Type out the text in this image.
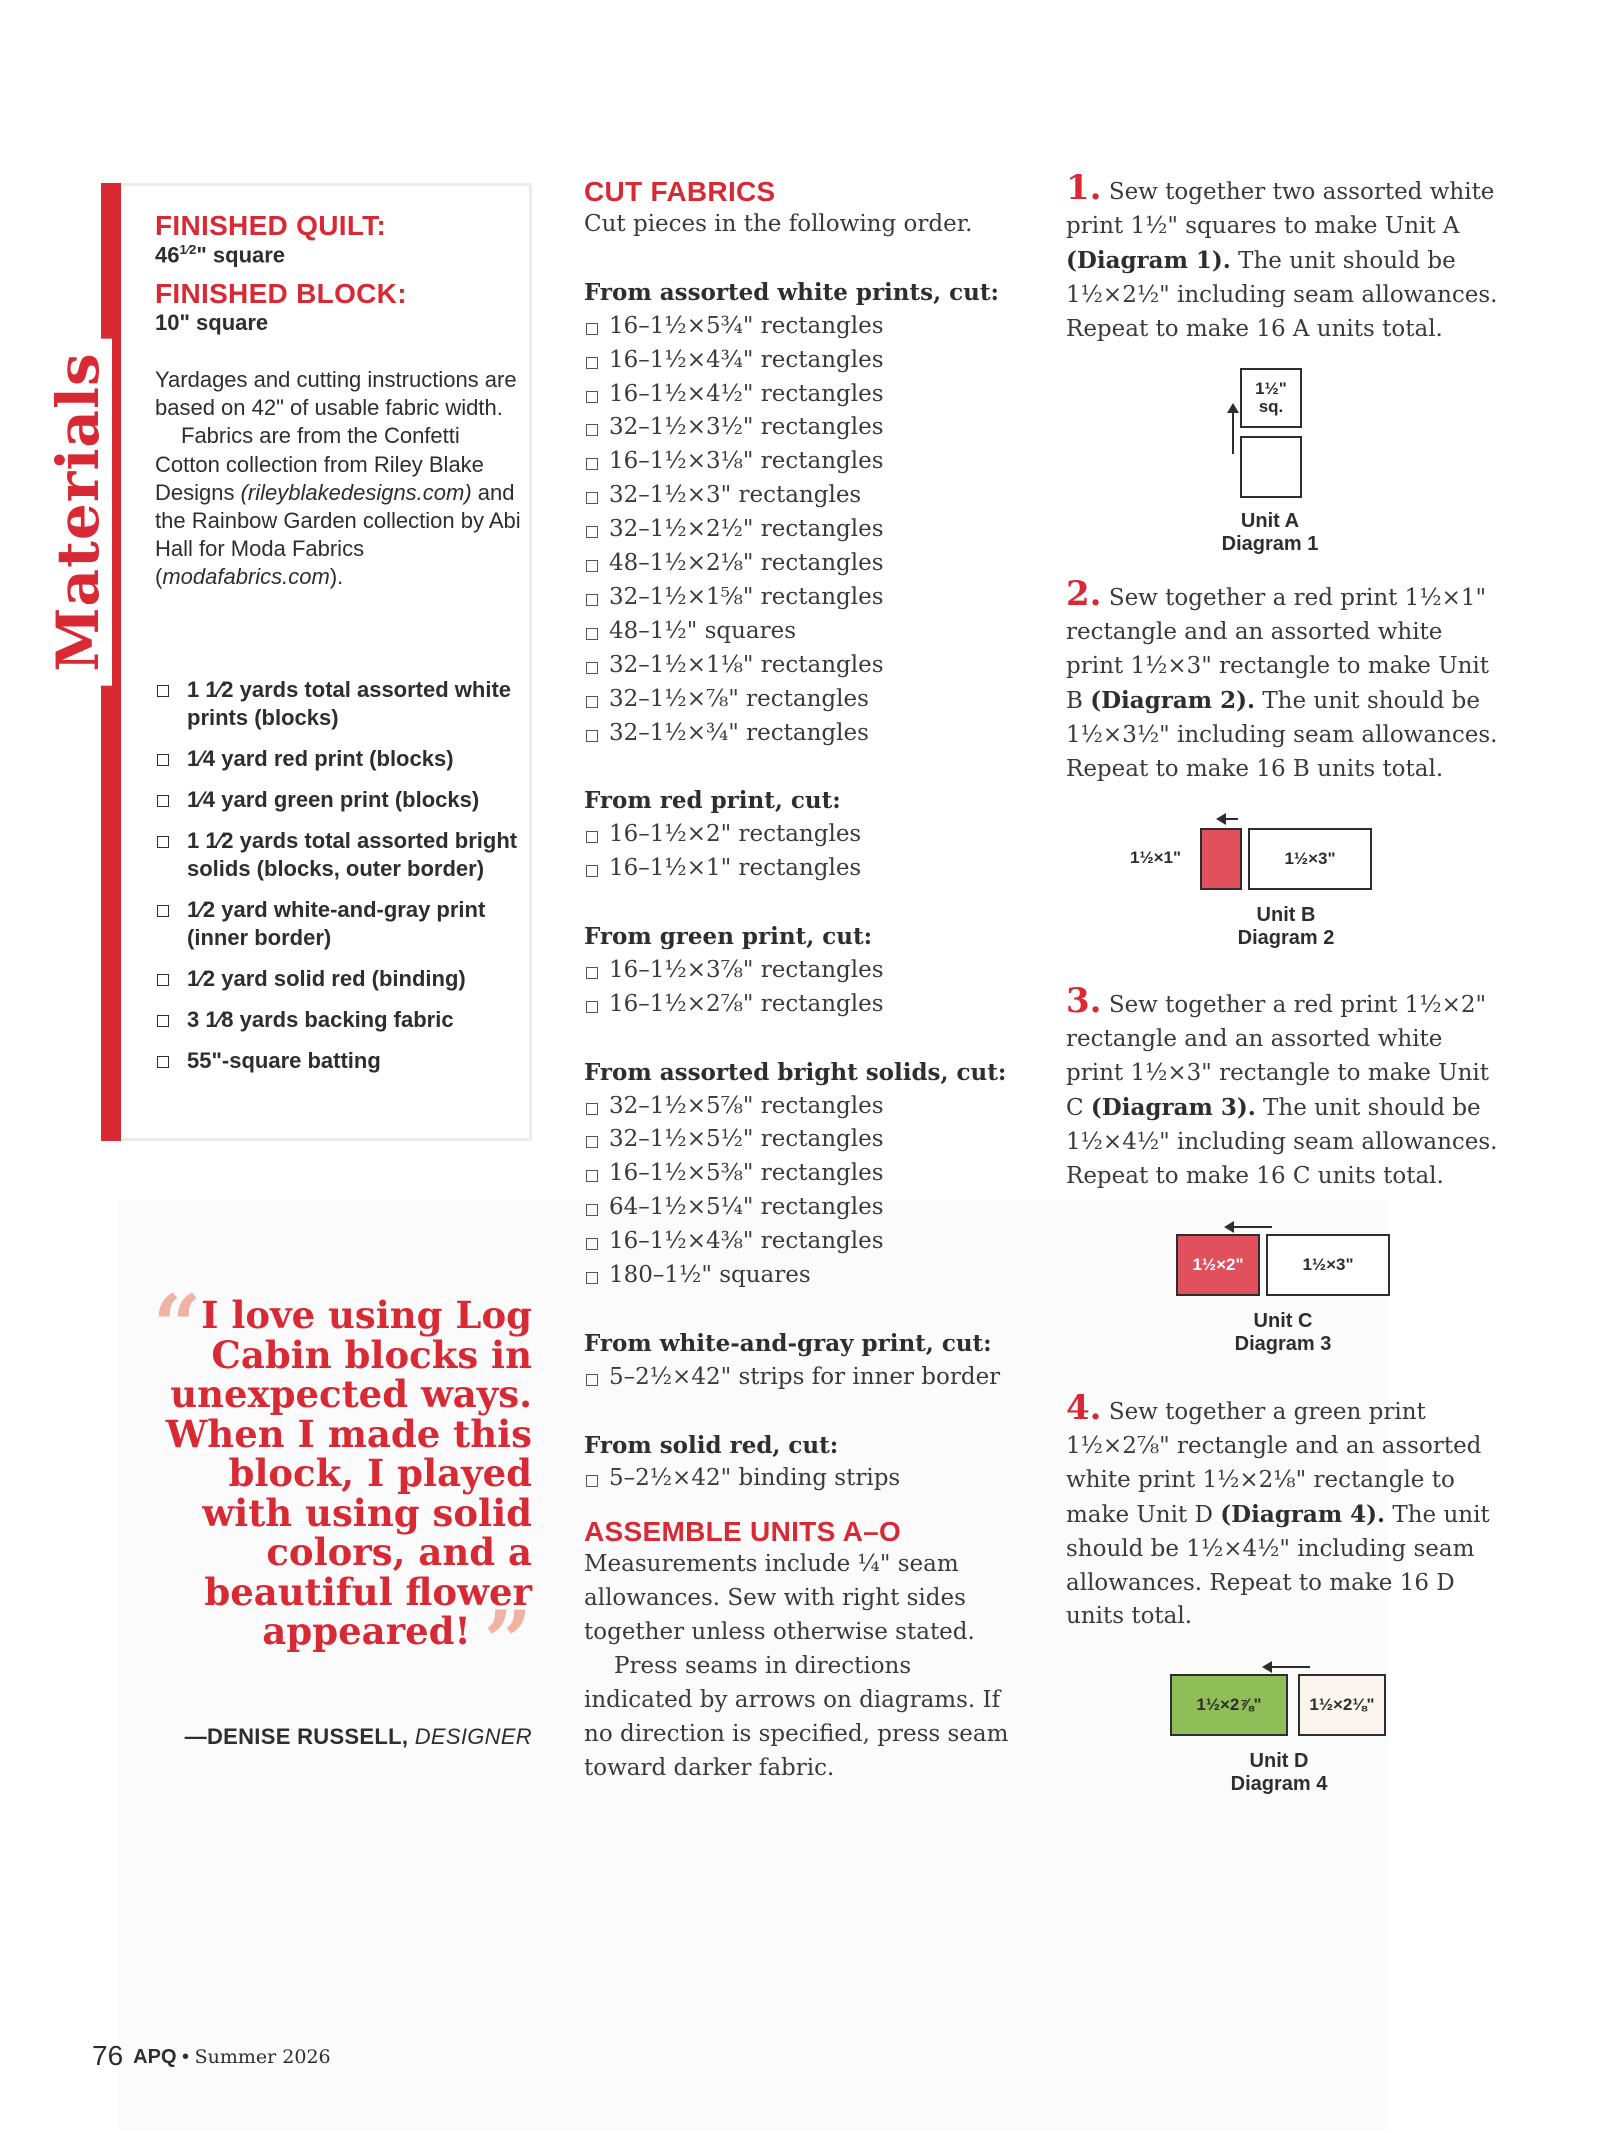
Materials
FINISHED QUILT:
$46^{1⁄2}$" square
FINISHED BLOCK:
10" square

Yardages and cutting instructions are based on 42" of usable fabric width.

Fabrics are from the Confetti Cotton collection from Riley Blake Designs (rileyblakedesigns.com) and the Rainbow Garden collection by Abi Hall for Moda Fabrics (modafabrics.com).

1 1⁄2 yards total assorted white prints (blocks)
1⁄4 yard red print (blocks)
1⁄4 yard green print (blocks)
1 1⁄2 yards total assorted bright solids (blocks, outer border)
1⁄2 yard white-and-gray print (inner border)
1⁄2 yard solid red (binding)
3 1⁄8 yards backing fabric
55"-square batting
“I love using Log Cabin blocks in unexpected ways. When I made this block, I played with using solid colors, and a beautiful flower appeared! ”
—DENISE RUSSELL, DESIGNER
CUT FABRICS
Cut pieces in the following order.
From assorted white prints, cut:
16–1½×5¾" rectangles
16–1½×4¾" rectangles
16–1½×4½" rectangles
32–1½×3½" rectangles
16–1½×3⅛" rectangles
32–1½×3" rectangles
32–1½×2½" rectangles
48–1½×2⅛" rectangles
32–1½×1⅝" rectangles
48–1½" squares
32–1½×1⅛" rectangles
32–1½×⅞" rectangles
32–1½×¾" rectangles
From red print, cut:
16–1½×2" rectangles
16–1½×1" rectangles
From green print, cut:
16–1½×3⅞" rectangles
16–1½×2⅞" rectangles
From assorted bright solids, cut:
32–1½×5⅞" rectangles
32–1½×5½" rectangles
16–1½×5⅜" rectangles
64–1½×5¼" rectangles
16–1½×4⅜" rectangles
180–1½" squares
From white-and-gray print, cut:
5–2½×42" strips for inner border
From solid red, cut:
5–2½×42" binding strips
ASSEMBLE UNITS A–O
Measurements include ¼" seam allowances. Sew with right sides together unless otherwise stated.
Press seams in directions indicated by arrows on diagrams. If no direction is specified, press seam toward darker fabric.
1. Sew together two assorted white print 1½" squares to make Unit A (Diagram 1). The unit should be 1½×2½" including seam allowances. Repeat to make 16 A units total.
2. Sew together a red print 1½×1" rectangle and an assorted white print 1½×3" rectangle to make Unit B (Diagram 2). The unit should be 1½×3½" including seam allowances. Repeat to make 16 B units total.
3. Sew together a red print 1½×2" rectangle and an assorted white print 1½×3" rectangle to make Unit C (Diagram 3). The unit should be 1½×4½" including seam allowances. Repeat to make 16 C units total.
4. Sew together a green print 1½×2⅞" rectangle and an assorted white print 1½×2⅛" rectangle to make Unit D (Diagram 4). The unit should be 1½×4½" including seam allowances. Repeat to make 16 D units total.
1½"
sq.
Unit A
Diagram 1
1½×1"	1½×3"
Unit B
Diagram 2
1½×2"	1½×3"
Unit C
Diagram 3
1½×2⅞"	1½×2⅛"
Unit D
Diagram 4
76 APQ • Summer 2026
